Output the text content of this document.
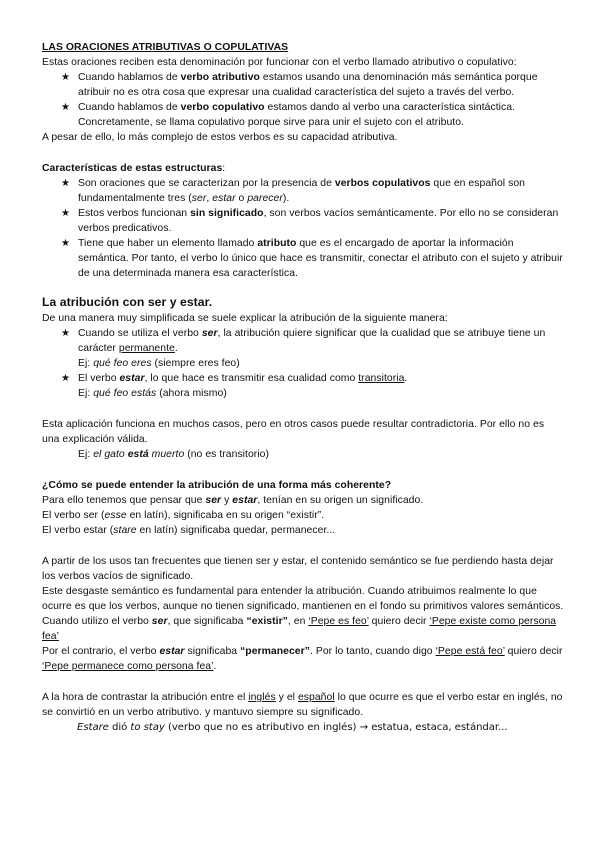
LAS ORACIONES ATRIBUTIVAS O COPULATIVAS

Estas oraciones reciben esta denominación por funcionar con el verbo llamado atributivo o copulativo:

★ Cuando hablamos de verbo atributivo estamos usando una denominación más semántica porque atribuir no es otra cosa que expresar una cualidad característica del sujeto a través del verbo.
★ Cuando hablamos de verbo copulativo estamos dando al verbo una característica sintáctica. Concretamente, se llama copulativo porque sirve para unir el sujeto con el atributo.

A pesar de ello, lo más complejo de estos verbos es su capacidad atributiva.

Características de estas estructuras:

★ Son oraciones que se caracterizan por la presencia de verbos copulativos que en español son fundamentalmente tres (ser, estar o parecer).
★ Estos verbos funcionan sin significado, son verbos vacíos semánticamente. Por ello no se consideran verbos predicativos.
★ Tiene que haber un elemento llamado atributo que es el encargado de aportar la información semántica. Por tanto, el verbo lo único que hace es transmitir, conectar el atributo con el sujeto y atribuir de una determinada manera esa característica.

La atribución con ser y estar.

De una manera muy simplificada se suele explicar la atribución de la siguiente manera:

★ Cuando se utiliza el verbo ser, la atribución quiere significar que la cualidad que se atribuye tiene un carácter permanente.

Ej: qué feo eres (siempre eres feo)

★ El verbo estar, lo que hace es transmitir esa cualidad como transitoria.

Ej: qué feo estás (ahora mismo)

Esta aplicación funciona en muchos casos, pero en otros casos puede resultar contradictoria. Por ello no es una explicación válida.

Ej: el gato está muerto (no es transitorio)

¿Cómo se puede entender la atribución de una forma más coherente?

Para ello tenemos que pensar que ser y estar, tenían en su origen un significado.

El verbo ser (esse en latín), significaba en su origen “existir”.

El verbo estar (stare en latín) significaba quedar, permanecer...

A partir de los usos tan frecuentes que tienen ser y estar, el contenido semántico se fue perdiendo hasta dejar los verbos vacíos de significado.

Este desgaste semántico es fundamental para entender la atribución. Cuando atribuimos realmente lo que ocurre es que los verbos, aunque no tienen significado, mantienen en el fondo su primitivos valores semánticos.

Cuando utilizo el verbo ser, que significaba “existir”, en ‘Pepe es feo’ quiero decir ‘Pepe existe como persona fea’

Por el contrario, el verbo estar significaba “permanecer”. Por lo tanto, cuando digo ‘Pepe está feo’ quiero decir ‘Pepe permanece como persona fea’.

A la hora de contrastar la atribución entre el inglés y el español lo que ocurre es que el verbo estar en inglés, no se convirtió en un verbo atributivo. y mantuvo siempre su significado.

Estare dió to stay (verbo que no es atributivo en inglés) → estatua, estaca, estándar...
